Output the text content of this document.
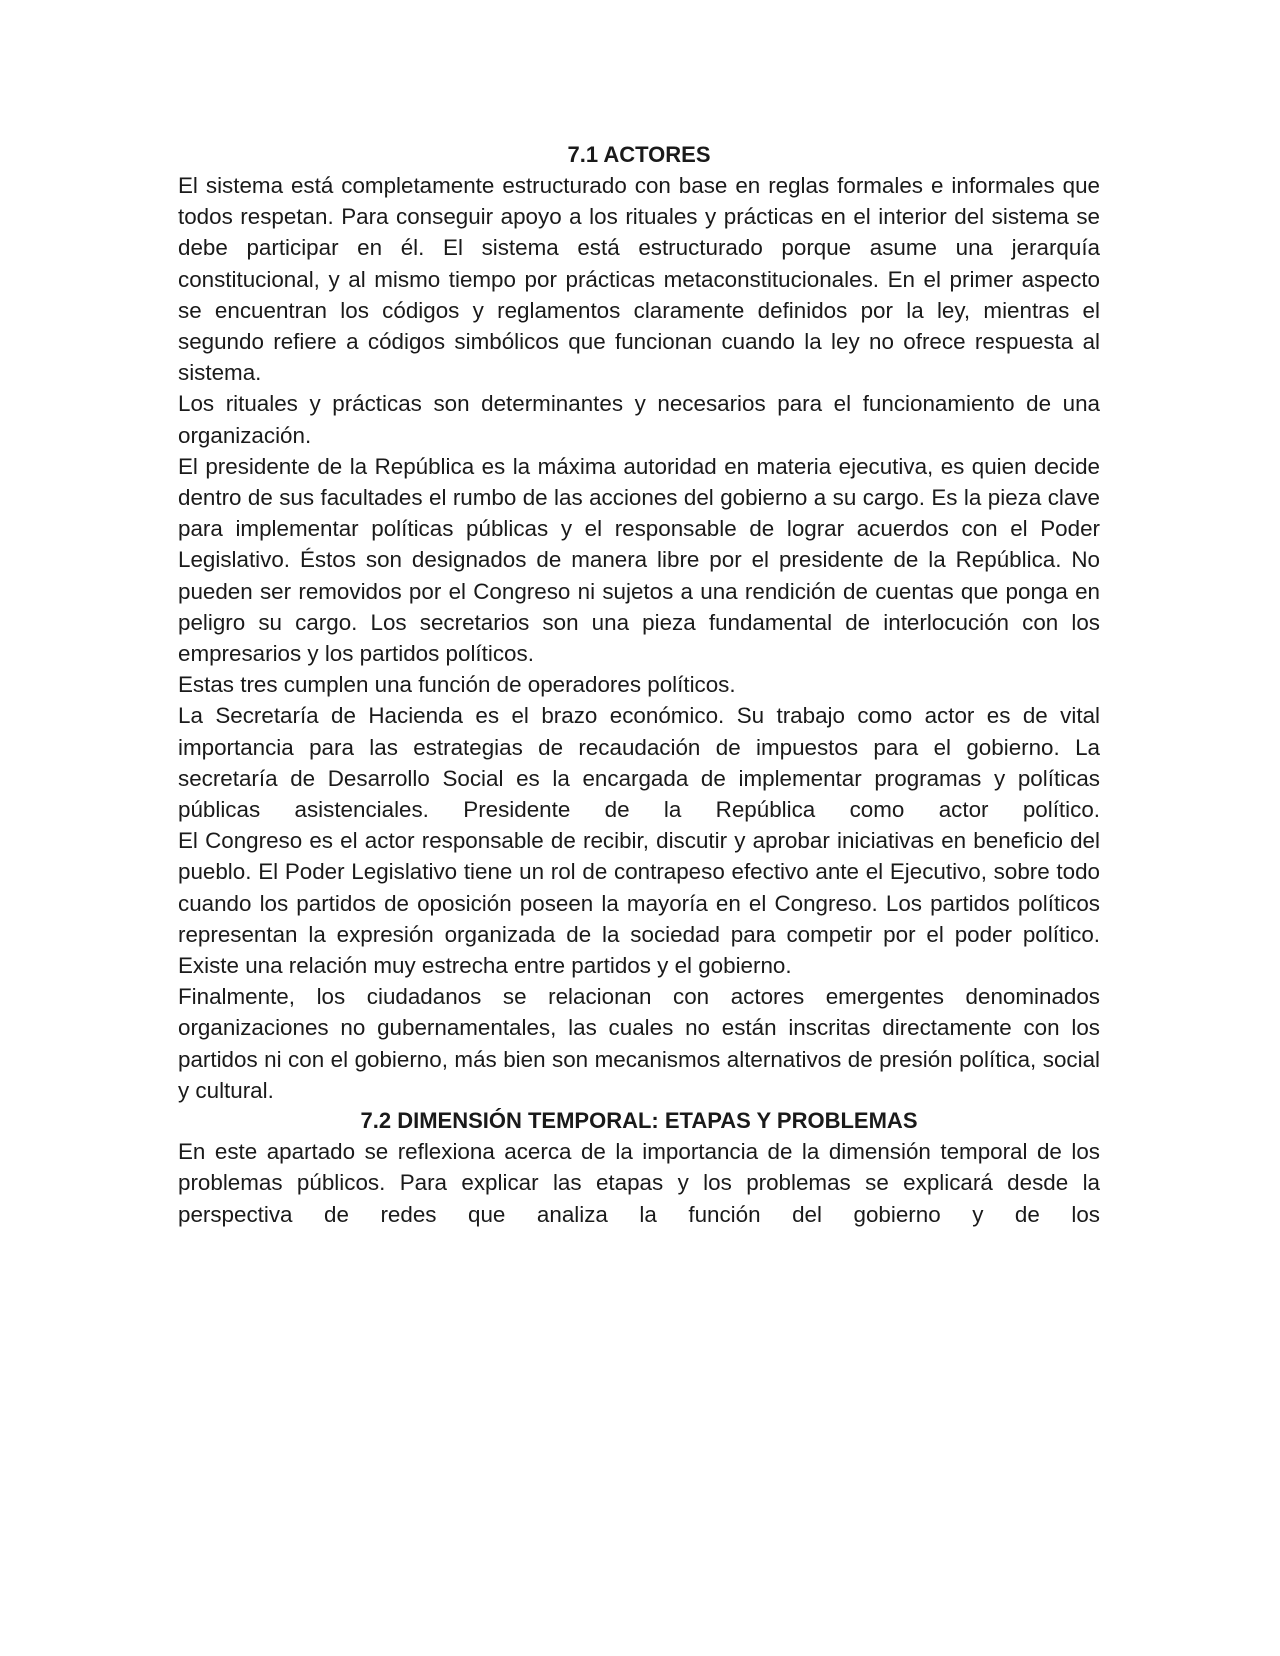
7.1 ACTORES

El sistema está completamente estructurado con base en reglas formales e informales que todos respetan. Para conseguir apoyo a los rituales y prácticas en el interior del sistema se debe participar en él. El sistema está estructurado porque asume una jerarquía constitucional, y al mismo tiempo por prácticas metaconstitucionales. En el primer aspecto se encuentran los códigos y reglamentos claramente definidos por la ley, mientras el segundo refiere a códigos simbólicos que funcionan cuando la ley no ofrece respuesta al sistema.

Los rituales y prácticas son determinantes y necesarios para el funcionamiento de una organización.

El presidente de la República es la máxima autoridad en materia ejecutiva, es quien decide dentro de sus facultades el rumbo de las acciones del gobierno a su cargo. Es la pieza clave para implementar políticas públicas y el responsable de lograr acuerdos con el Poder Legislativo. Éstos son designados de manera libre por el presidente de la República. No pueden ser removidos por el Congreso ni sujetos a una rendición de cuentas que ponga en peligro su cargo. Los secretarios son una pieza fundamental de interlocución con los empresarios y los partidos políticos.

Estas tres cumplen una función de operadores políticos.

La Secretaría de Hacienda es el brazo económico. Su trabajo como actor es de vital importancia para las estrategias de recaudación de impuestos para el gobierno. La secretaría de Desarrollo Social es la encargada de implementar programas y políticas públicas asistenciales. Presidente de la República como actor político.

El Congreso es el actor responsable de recibir, discutir y aprobar iniciativas en beneficio del pueblo. El Poder Legislativo tiene un rol de contrapeso efectivo ante el Ejecutivo, sobre todo cuando los partidos de oposición poseen la mayoría en el Congreso. Los partidos políticos representan la expresión organizada de la sociedad para competir por el poder político. Existe una relación muy estrecha entre partidos y el gobierno.

Finalmente, los ciudadanos se relacionan con actores emergentes denominados organizaciones no gubernamentales, las cuales no están inscritas directamente con los partidos ni con el gobierno, más bien son mecanismos alternativos de presión política, social y cultural.

7.2 DIMENSIÓN TEMPORAL: ETAPAS Y PROBLEMAS

En este apartado se reflexiona acerca de la importancia de la dimensión temporal de los problemas públicos. Para explicar las etapas y los problemas se explicará desde la perspectiva de redes que analiza la función del gobierno y de los
